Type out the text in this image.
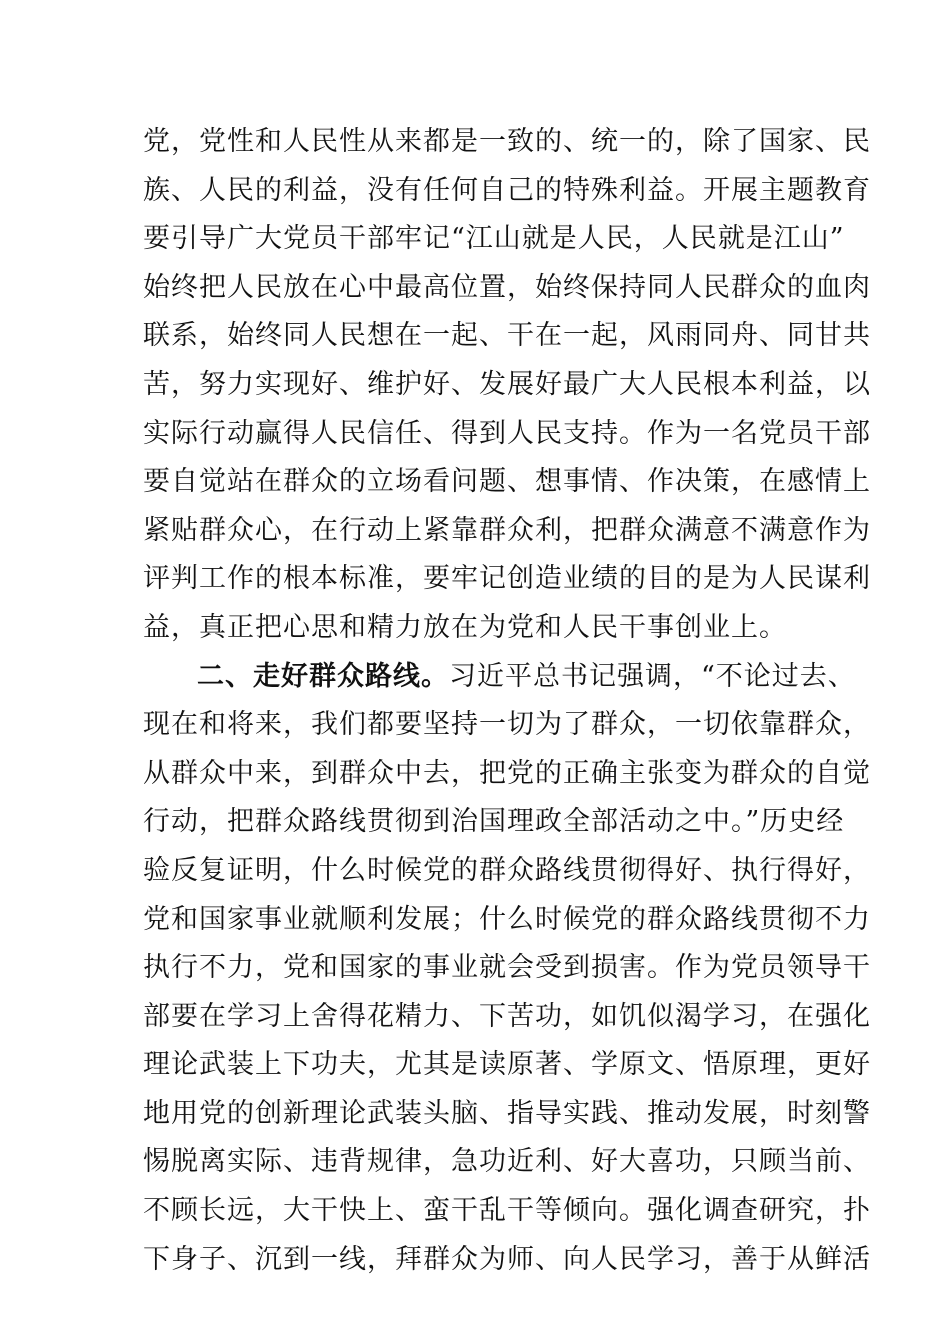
党，党性和人民性从来都是一致的、统一的，除了国家、民
族、人民的利益，没有任何自己的特殊利益。开展主题教育
要引导广大党员干部牢记“江山就是人民，人民就是江山”
始终把人民放在心中最高位置，始终保持同人民群众的血肉
联系，始终同人民想在一起、干在一起，风雨同舟、同甘共
苦，努力实现好、维护好、发展好最广大人民根本利益，以
实际行动赢得人民信任、得到人民支持。作为一名党员干部
要自觉站在群众的立场看问题、想事情、作决策，在感情上
紧贴群众心，在行动上紧靠群众利，把群众满意不满意作为
评判工作的根本标准，要牢记创造业绩的目的是为人民谋利
益，真正把心思和精力放在为党和人民干事创业上。
二、走好群众路线。习近平总书记强调，“不论过去、
现在和将来，我们都要坚持一切为了群众，一切依靠群众，
从群众中来，到群众中去，把党的正确主张变为群众的自觉
行动，把群众路线贯彻到治国理政全部活动之中。”历史经
验反复证明，什么时候党的群众路线贯彻得好、执行得好，
党和国家事业就顺利发展；什么时候党的群众路线贯彻不力
执行不力，党和国家的事业就会受到损害。作为党员领导干
部要在学习上舍得花精力、下苦功，如饥似渴学习，在强化
理论武装上下功夫，尤其是读原著、学原文、悟原理，更好
地用党的创新理论武装头脑、指导实践、推动发展，时刻警
惕脱离实际、违背规律，急功近利、好大喜功，只顾当前、
不顾长远，大干快上、蛮干乱干等倾向。强化调查研究，扑
下身子、沉到一线，拜群众为师、向人民学习，善于从鲜活
